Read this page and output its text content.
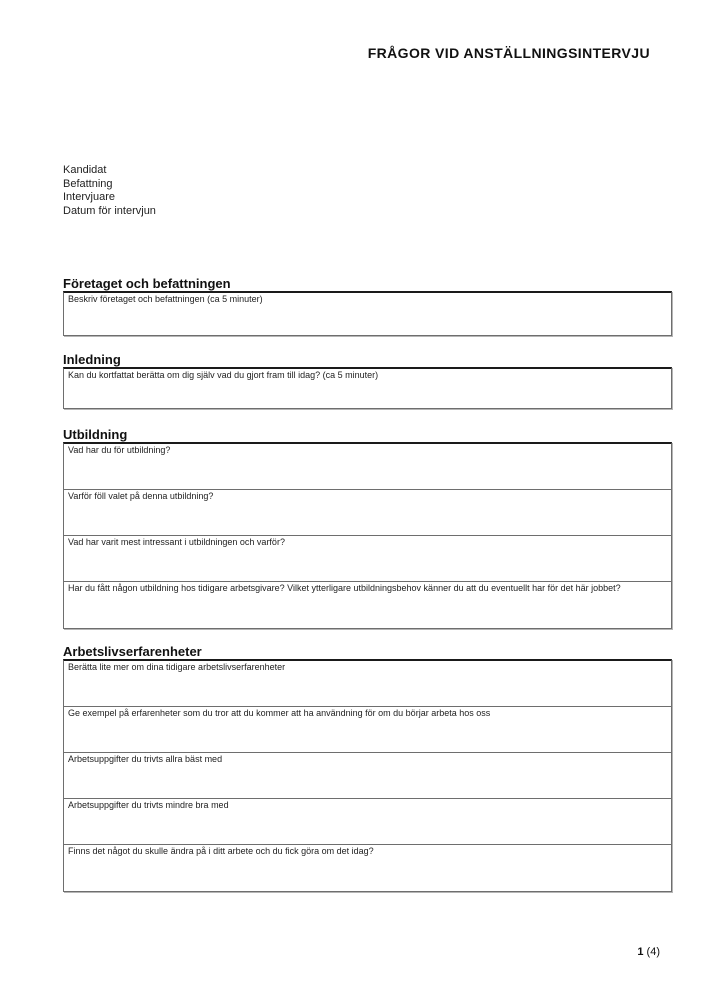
FRÅGOR VID ANSTÄLLNINGSINTERVJU
Kandidat
Befattning
Intervjuare
Datum för intervjun
Företaget och befattningen
Beskriv företaget och befattningen (ca 5 minuter)
Inledning
Kan du kortfattat berätta om dig själv vad du gjort fram till idag? (ca 5 minuter)
Utbildning
Vad har du för utbildning?
Varför föll valet på denna utbildning?
Vad har varit mest intressant i utbildningen och varför?
Har du fått någon utbildning hos tidigare arbetsgivare? Vilket ytterligare utbildningsbehov känner du att du eventuellt har för det här jobbet?
Arbetslivserfarenheter
Berätta lite mer om dina tidigare arbetslivserfarenheter
Ge exempel på erfarenheter som du tror att du kommer att ha användning för om du börjar arbeta hos oss
Arbetsuppgifter du trivts allra bäst med
Arbetsuppgifter du trivts mindre bra med
Finns det något du skulle ändra på i ditt arbete och du fick göra om det idag?
1 (4)
